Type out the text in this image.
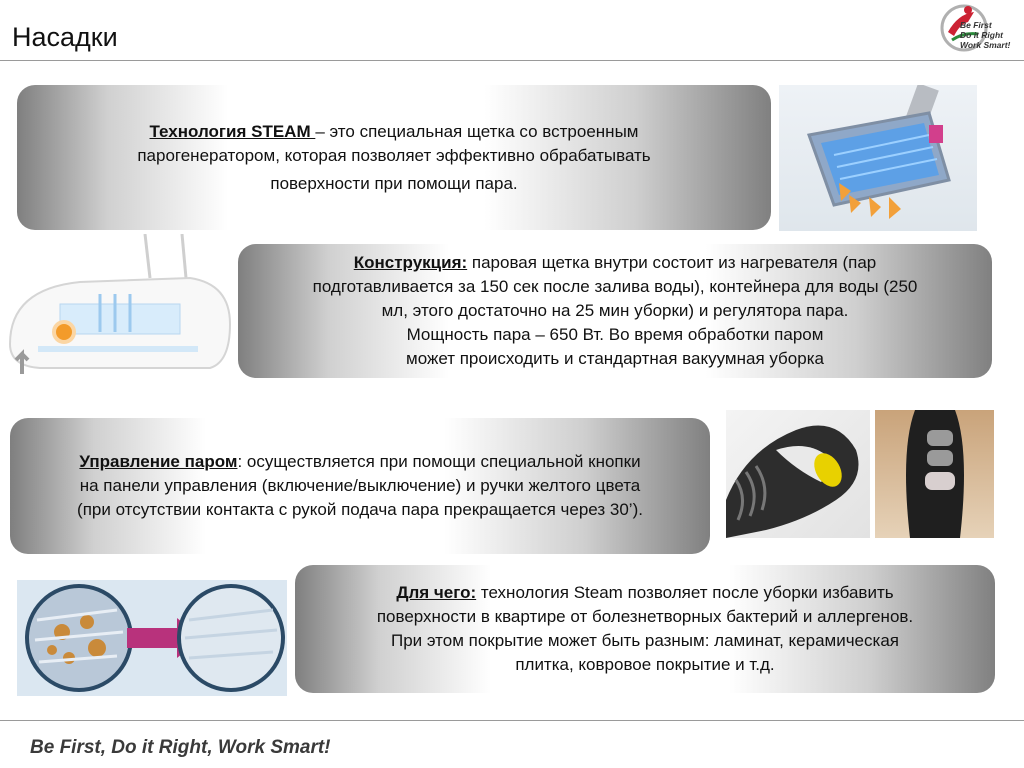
Насадки	Be First
Do it Right
Work Smart!
Технология STEAM – это специальная щетка со встроенным
парогенератором, которая позволяет эффективно обрабатывать
поверхности при помощи пара.
Конструкция: паровая щетка внутри состоит из нагревателя (пар
подготавливается за 150 сек после залива воды), контейнера для воды (250
мл, этого достаточно на 25 мин уборки) и регулятора пара.
Мощность пара – 650 Вт. Во время обработки паром
может происходить и стандартная вакуумная уборка
Управление паром: осуществляется при помощи специальной кнопки
на панели управления (включение/выключение) и ручки желтого цвета
(при отсутствии контакта с рукой подача пара прекращается через 30’).
Для чего: технология Steam позволяет после уборки избавить
поверхности в квартире от болезнетворных бактерий и аллергенов.
При этом покрытие может быть разным: ламинат, керамическая
плитка, ковровое покрытие и т.д.
Be First, Do it Right, Work Smart!
